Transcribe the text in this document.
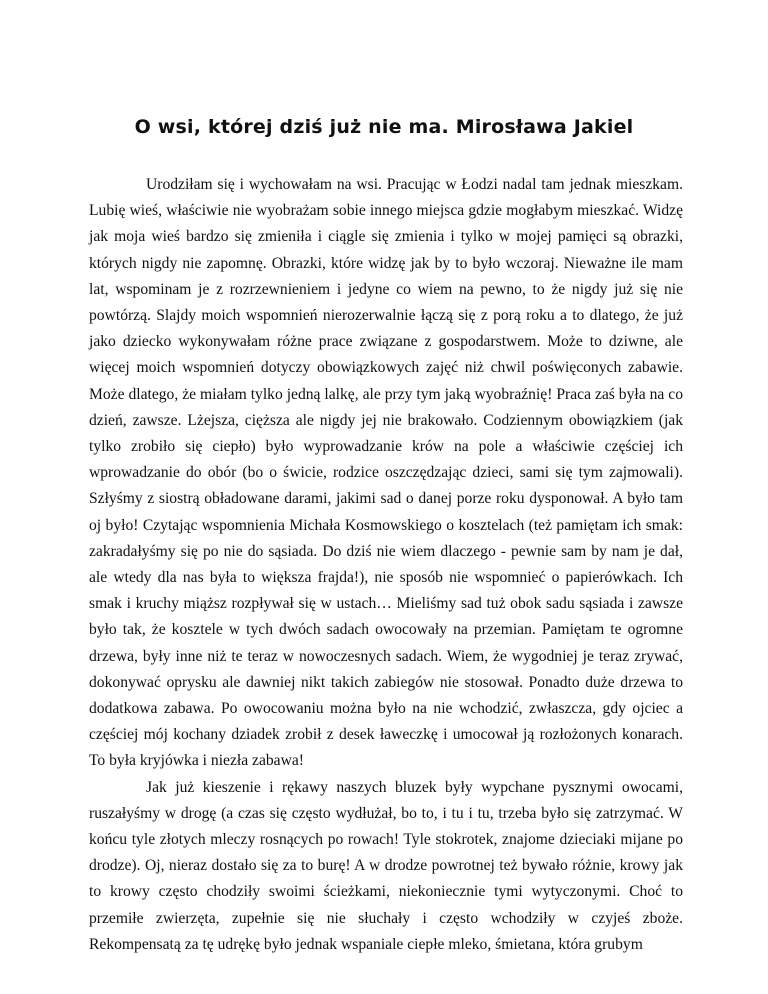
O wsi, której dziś już nie ma. Mirosława Jakiel

Urodziłam się i wychowałam na wsi. Pracując w Łodzi nadal tam jednak mieszkam. Lubię wieś, właściwie nie wyobrażam sobie innego miejsca gdzie mogłabym mieszkać. Widzę jak moja wieś bardzo się zmieniła i ciągle się zmienia i tylko w mojej pamięci są obrazki, których nigdy nie zapomnę. Obrazki, które widzę jak by to było wczoraj. Nieważne ile mam lat, wspominam je z rozrzewnieniem i jedyne co wiem na pewno, to że nigdy już się nie powtórzą. Slajdy moich wspomnień nierozerwalnie łączą się z porą roku a to dlatego, że już jako dziecko wykonywałam różne prace związane z gospodarstwem. Może to dziwne, ale więcej moich wspomnień dotyczy obowiązkowych zajęć niż chwil poświęconych zabawie. Może dlatego, że miałam tylko jedną lalkę, ale przy tym jaką wyobraźnię! Praca zaś była na co dzień, zawsze. Lżejsza, cięższa ale nigdy jej nie brakowało. Codziennym obowiązkiem (jak tylko zrobiło się ciepło) było wyprowadzanie krów na pole a właściwie częściej ich wprowadzanie do obór (bo o świcie, rodzice oszczędzając dzieci, sami się tym zajmowali). Szłyśmy z siostrą obładowane darami, jakimi sad o danej porze roku dysponował. A było tam oj było! Czytając wspomnienia Michała Kosmowskiego o kosztelach (też pamiętam ich smak: zakradałyśmy się po nie do sąsiada. Do dziś nie wiem dlaczego - pewnie sam by nam je dał, ale wtedy dla nas była to większa frajda!), nie sposób nie wspomnieć o papierówkach. Ich smak i kruchy miąższ rozpływał się w ustach… Mieliśmy sad tuż obok sadu sąsiada i zawsze było tak, że kosztele w tych dwóch sadach owocowały na przemian. Pamiętam te ogromne drzewa, były inne niż te teraz w nowoczesnych sadach. Wiem, że wygodniej je teraz zrywać, dokonywać oprysku ale dawniej nikt takich zabiegów nie stosował. Ponadto duże drzewa to dodatkowa zabawa. Po owocowaniu można było na nie wchodzić, zwłaszcza, gdy ojciec a częściej mój kochany dziadek zrobił z desek ławeczkę i umocował ją rozłożonych konarach. To była kryjówka i niezła zabawa!

Jak już kieszenie i rękawy naszych bluzek były wypchane pysznymi owocami, ruszałyśmy w drogę (a czas się często wydłużał, bo to, i tu i tu, trzeba było się zatrzymać. W końcu tyle złotych mleczy rosnących po rowach! Tyle stokrotek, znajome dzieciaki mijane po drodze). Oj, nieraz dostało się za to burę! A w drodze powrotnej też bywało różnie, krowy jak to krowy często chodziły swoimi ścieżkami, niekoniecznie tymi wytyczonymi. Choć to przemiłe zwierzęta, zupełnie się nie słuchały i często wchodziły w czyjeś zboże. Rekompensatą za tę udrękę było jednak wspaniale ciepłe mleko, śmietana, która grubym
